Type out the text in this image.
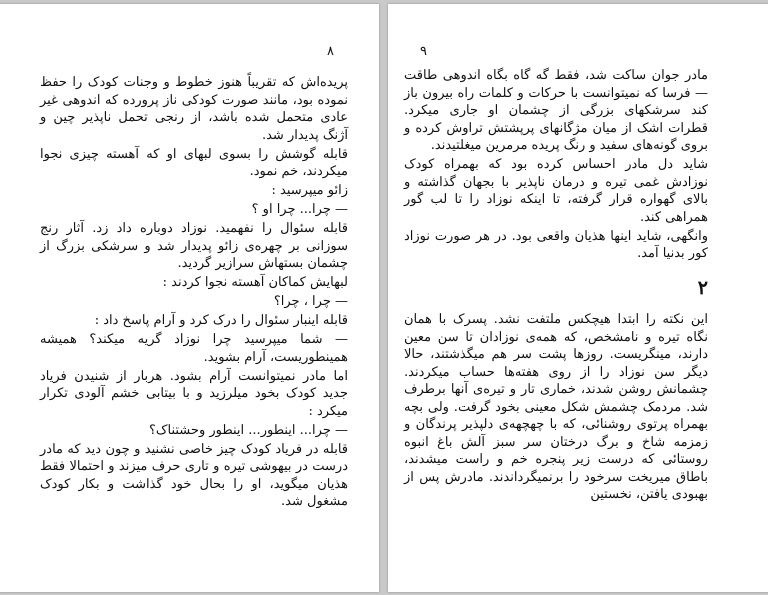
۸

پریده‌اش که تقریباً هنوز خطوط و وجنات کودک را حفظ نموده بود، مانند صورت کودکی ناز پرورده که اندوهی غیر عادی متحمل شده باشد، از رنجی تحمل ناپذیر چین و آژنگ پدیدار شد.

قابله گوشش را بسوی لبهای او که آهسته چیزی نجوا میکردند، خم نمود.

زائو میپرسید :

— چرا... چرا او ؟

قابله سئوال را نفهمید. نوزاد دوباره داد زد. آثار رنج سوزانی بر چهره‌ی زائو پدیدار شد و سرشکی بزرگ از چشمان بستهاش سرازیر گردید.

لبهایش کماکان آهسته نجوا کردند :

— چرا ، چرا؟

قابله اینبار سئوال را درک کرد و آرام پاسخ داد :

— شما میپرسید چرا نوزاد گریه میکند؟ همیشه همینطوریست، آرام بشوید.

اما مادر نمیتوانست آرام بشود. هربار از شنیدن فریاد جدید کودک بخود میلرزید و با بیتابی خشم آلودی تکرار میکرد :

— چرا... اینطور... اینطور وحشتناک؟

قابله در فریاد کودک چیز خاصی نشنید و چون دید که مادر درست در بیهوشی تیره و تاری حرف میزند و احتمالا فقط هذیان میگوید، او را بحال خود گذاشت و بکار کودک مشغول شد.

۹

مادر جوان ساکت شد، فقط گه گاه بگاه اندوهی طاقت— فرسا که نمیتوانست با حرکات و کلمات راه بیرون باز کند سرشکهای بزرگی از چشمان او جاری میکرد. قطرات اشک از میان مژگانهای پرپشتش تراوش کرده و بروی گونه‌های سفید و رنگ پریده مرمرین میغلتیدند.

شاید دل مادر احساس کرده بود که بهمراه کودک نوزادش غمی تیره و درمان ناپذیر با بجهان گذاشته و بالای گهواره قرار گرفته، تا اینکه نوزاد را تا لب گور همراهی کند.

وانگهی، شاید اینها هذیان واقعی بود. در هر صورت نوزاد کور بدنیا آمد.

۲

این نکته را ابتدا هیچکس ملتفت نشد. پسرک با همان نگاه تیره و نامشخص، که همه‌ی نوزادان تا سن معین دارند، مینگریست. روزها پشت سر هم میگذشتند، حالا دیگر سن نوزاد را از روی هفته‌ها حساب میکردند. چشمانش روشن شدند، خماری تار و تیره‌ی آنها برطرف شد. مردمک چشمش شکل معینی بخود گرفت. ولی بچه بهمراه پرتوی روشنائی، که با چهچهه‌ی دلپذیر پرندگان و زمزمه شاخ و برگ درختان سر سبز آلش باغ انبوه روستائی که درست زیر پنجره خم و راست میشدند، باطاق میریخت سرخود را برنمیگرداندند. مادرش پس از بهبودی یافتن، نخستین
